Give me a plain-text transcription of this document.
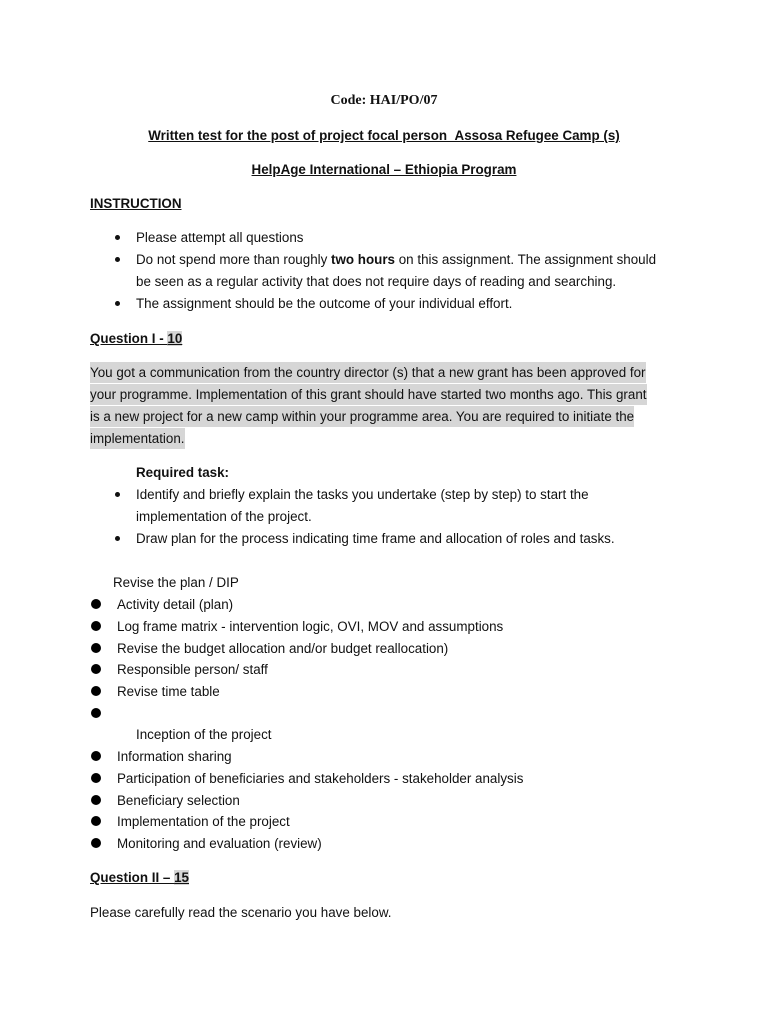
Code: HAI/PO/07
Written test for the post of project focal person_Assosa Refugee Camp (s)
HelpAge International – Ethiopia Program
INSTRUCTION
Please attempt all questions
Do not spend more than roughly two hours on this assignment. The assignment should
be seen as a regular activity that does not require days of reading and searching.
The assignment should be the outcome of your individual effort.
Question I - 10
You got a communication from the country director (s) that a new grant has been approved for
your programme. Implementation of this grant should have started two months ago. This grant
is a new project for a new camp within your programme area. You are required to initiate the
implementation.
Required task:
Identify and briefly explain the tasks you undertake (step by step) to start the
implementation of the project.
Draw plan for the process indicating time frame and allocation of roles and tasks.
Revise the plan / DIP
Activity detail (plan)
Log frame matrix - intervention logic, OVI, MOV and assumptions
Revise the budget allocation and/or budget reallocation)
Responsible person/ staff
Revise time table
Inception of the project
Information sharing
Participation of beneficiaries and stakeholders - stakeholder analysis
Beneficiary selection
Implementation of the project
Monitoring and evaluation (review)
Question II – 15
Please carefully read the scenario you have below.
